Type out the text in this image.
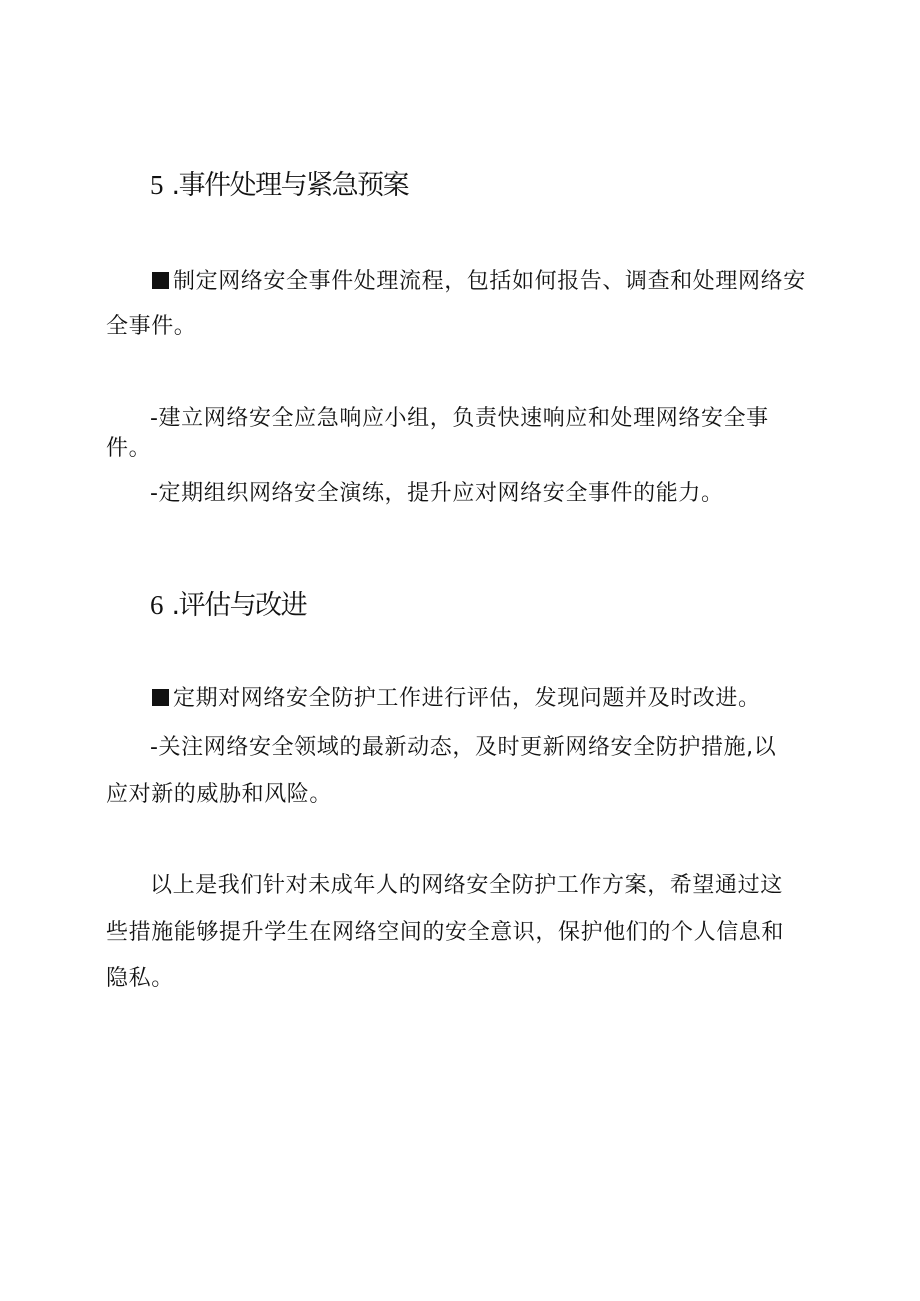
5 .事件处理与紧急预案
制定网络安全事件处理流程，包括如何报告、调查和处理网络安
全事件。
-建立网络安全应急响应小组，负责快速响应和处理网络安全事
件。
-定期组织网络安全演练，提升应对网络安全事件的能力。
6 .评估与改进
定期对网络安全防护工作进行评估，发现问题并及时改进。
-关注网络安全领域的最新动态，及时更新网络安全防护措施,以
应对新的威胁和风险。
以上是我们针对未成年人的网络安全防护工作方案，希望通过这
些措施能够提升学生在网络空间的安全意识，保护他们的个人信息和
隐私。
